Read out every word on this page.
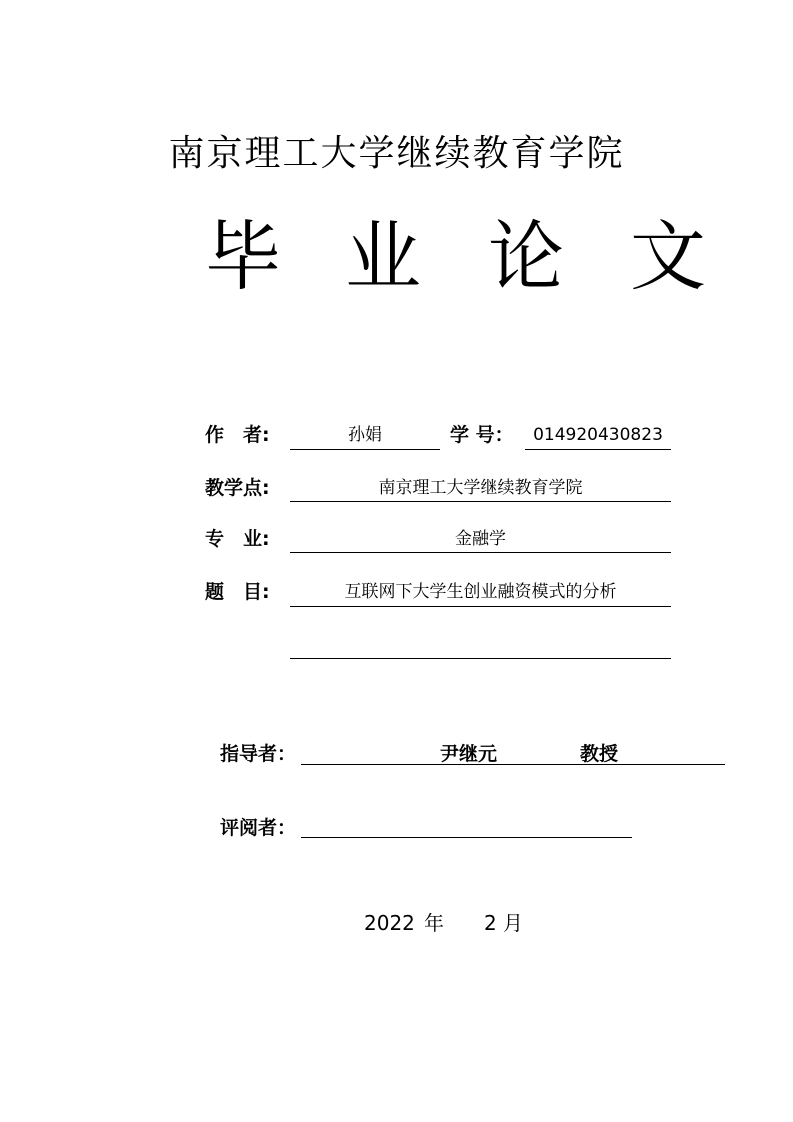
南京理工大学继续教育学院
毕 业 论 文
作　者:	孙娟	学 号：	014920430823
教学点:	南京理工大学继续教育学院
专　业:	金融学
题　目:	互联网下大学生创业融资模式的分析
指导者：	尹继元	教授
评阅者：
2022 年 2 月
